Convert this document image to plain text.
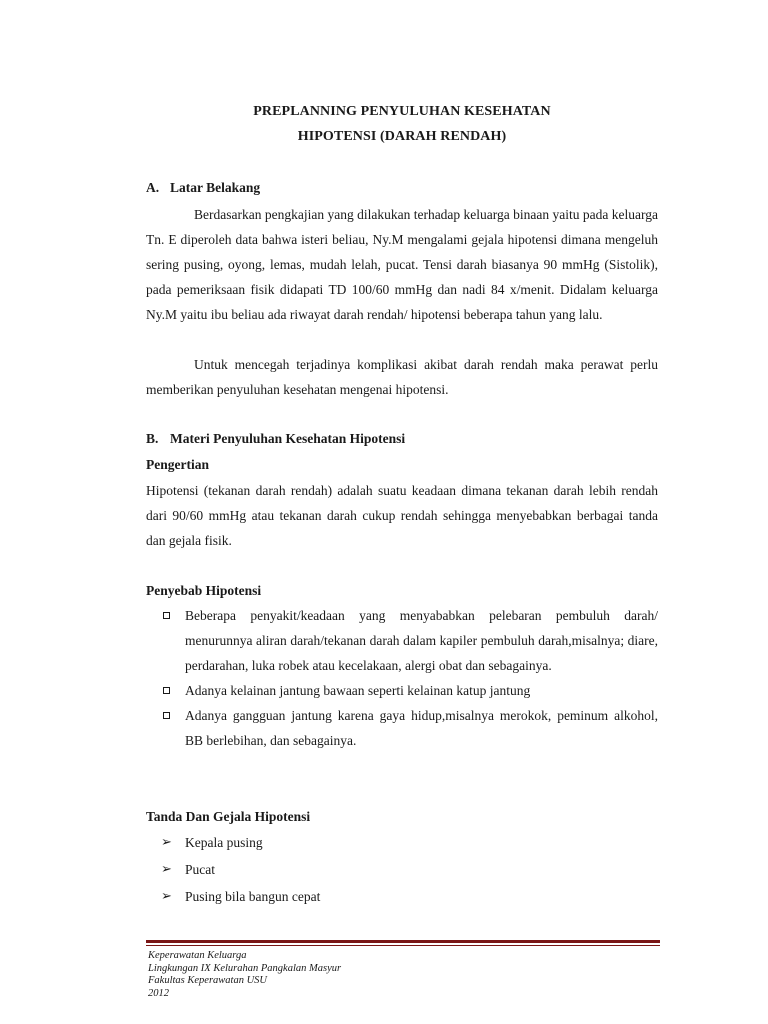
PREPLANNING PENYULUHAN KESEHATAN
HIPOTENSI (DARAH RENDAH)
A. Latar Belakang

Berdasarkan pengkajian yang dilakukan terhadap keluarga binaan yaitu pada keluarga Tn. E diperoleh data bahwa isteri beliau, Ny.M mengalami gejala hipotensi dimana mengeluh sering pusing, oyong, lemas, mudah lelah, pucat. Tensi darah biasanya 90 mmHg (Sistolik), pada pemeriksaan fisik didapati TD 100/60 mmHg dan nadi 84 x/menit. Didalam keluarga Ny.M yaitu ibu beliau ada riwayat darah rendah/ hipotensi beberapa tahun yang lalu.

Untuk mencegah terjadinya komplikasi akibat darah rendah maka perawat perlu memberikan penyuluhan kesehatan mengenai hipotensi.

B. Materi Penyuluhan Kesehatan Hipotensi
Pengertian

Hipotensi (tekanan darah rendah) adalah suatu keadaan dimana tekanan darah lebih rendah dari 90/60 mmHg atau tekanan darah cukup rendah sehingga menyebabkan berbagai tanda dan gejala fisik.

Penyebab Hipotensi
Beberapa penyakit/keadaan yang menyababkan pelebaran pembuluh darah/ menurunnya aliran darah/tekanan darah dalam kapiler pembuluh darah,misalnya; diare, perdarahan, luka robek atau kecelakaan, alergi obat dan sebagainya.
Adanya kelainan jantung bawaan seperti kelainan katup jantung
Adanya gangguan jantung karena gaya hidup,misalnya merokok, peminum alkohol, BB berlebihan, dan sebagainya.
Tanda Dan Gejala Hipotensi
➢ Kepala pusing
➢ Pucat
➢ Pusing bila bangun cepat
Keperawatan Keluarga
Lingkungan IX Kelurahan Pangkalan Masyur
Fakultas Keperawatan USU
2012
